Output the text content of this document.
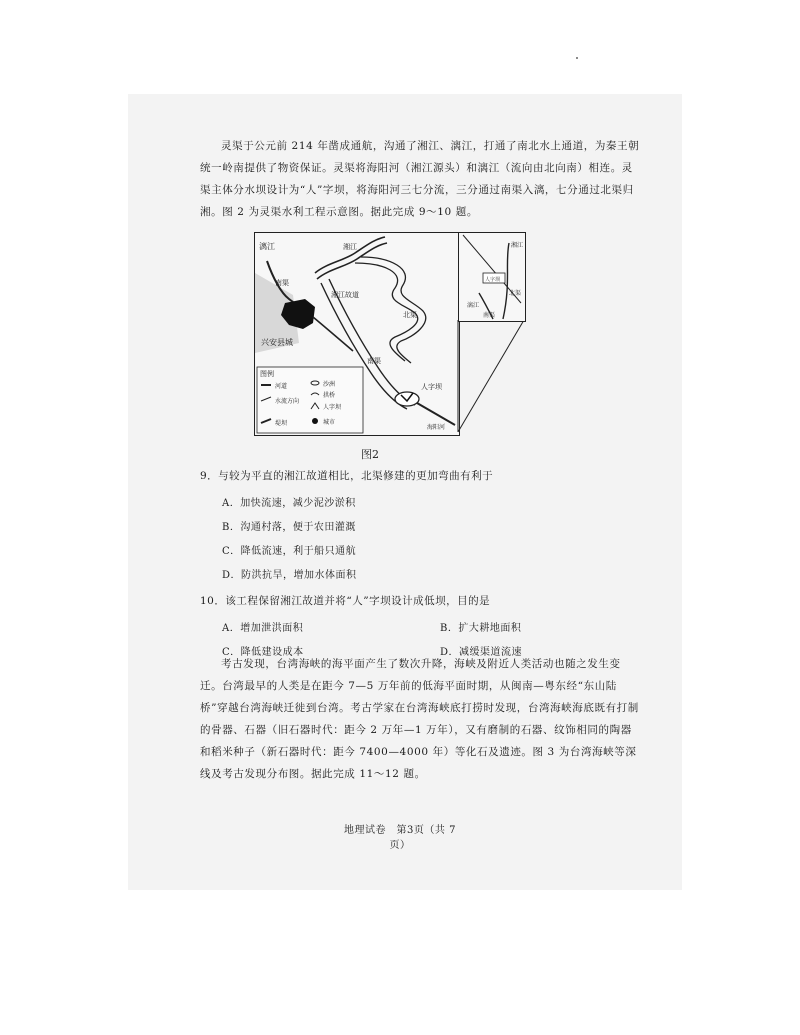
灵渠于公元前 214 年凿成通航，沟通了湘江、漓江，打通了南北水上通道，为秦王朝统一岭南提供了物资保证。灵渠将海阳河（湘江源头）和漓江（流向由北向南）相连。灵渠主体分水坝设计为“人”字坝，将海阳河三七分流，三分通过南渠入漓，七分通过北渠归湘。图 2 为灵渠水利工程示意图。据此完成 9～10 题。

漓江
南渠
兴安县城
湘江
湘江故道
北渠
南渠
人字坝
海阳河
图例
河道	沙洲
水流方向
拱桥
人字坝
堤坝	城市
湘江
人字坝
漓江
北渠
南渠
图2
9．与较为平直的湘江故道相比，北渠修建的更加弯曲有利于
A．加快流速，减少泥沙淤积
B．沟通村落，便于农田灌溉
C．降低流速，利于船只通航
D．防洪抗旱，增加水体面积
10．该工程保留湘江故道并将“人”字坝设计成低坝，目的是
A．增加泄洪面积	B．扩大耕地面积
C．降低建设成本	D．减缓渠道流速

考古发现，台湾海峡的海平面产生了数次升降，海峡及附近人类活动也随之发生变迁。台湾最早的人类是在距今 7—5 万年前的低海平面时期，从闽南—粤东经“东山陆桥”穿越台湾海峡迁徙到台湾。考古学家在台湾海峡底打捞时发现，台湾海峡海底既有打制的骨器、石器（旧石器时代：距今 2 万年—1 万年），又有磨制的石器、纹饰相同的陶器和稻米种子（新石器时代：距今 7400—4000 年）等化石及遗迹。图 3 为台湾海峡等深线及考古发现分布图。据此完成 11～12 题。

地理试卷　第3页（共 7 页）
